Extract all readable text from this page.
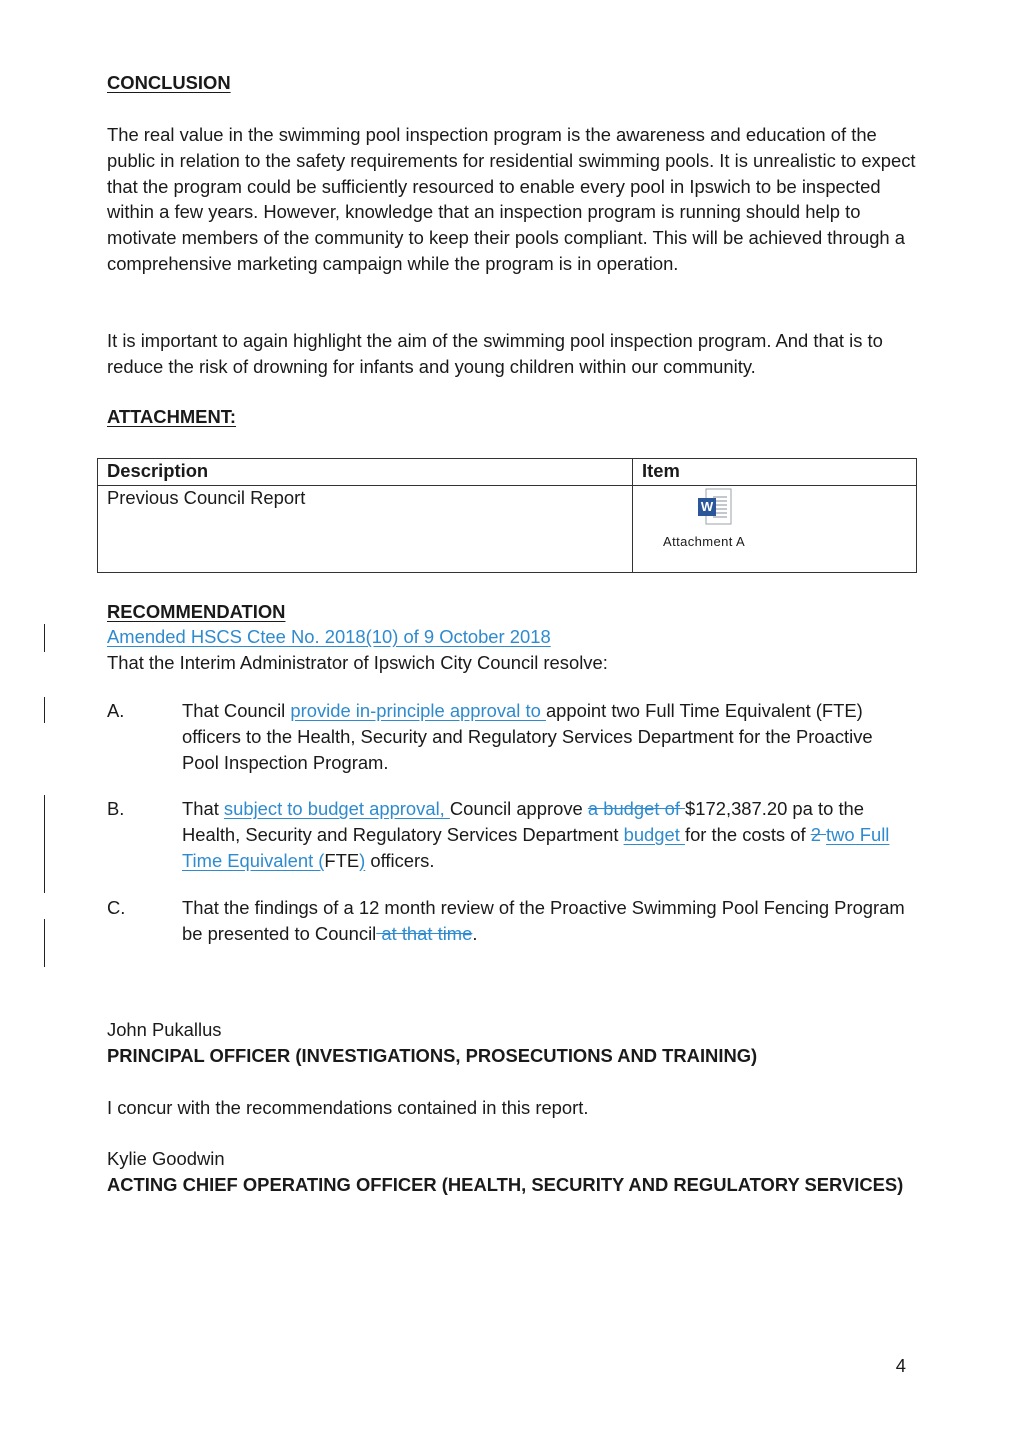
CONCLUSION
The real value in the swimming pool inspection program is the awareness and education of the public in relation to the safety requirements for residential swimming pools. It is unrealistic to expect that the program could be sufficiently resourced to enable every pool in Ipswich to be inspected within a few years. However, knowledge that an inspection program is running should help to motivate members of the community to keep their pools compliant. This will be achieved through a comprehensive marketing campaign while the program is in operation.
It is important to again highlight the aim of the swimming pool inspection program. And that is to reduce the risk of drowning for infants and young children within our community.
ATTACHMENT:
Description	Item
Previous Council Report	W
Attachment A
RECOMMENDATION
Amended HSCS Ctee No. 2018(10) of 9 October 2018
That the Interim Administrator of Ipswich City Council resolve:
A.	That Council provide in-principle approval to appoint two Full Time Equivalent (FTE) officers to the Health, Security and Regulatory Services Department for the Proactive Pool Inspection Program.
B.	That subject to budget approval, Council approve a budget of $172,387.20 pa to the Health, Security and Regulatory Services Department budget for the costs of 2 two Full Time Equivalent (FTE) officers.
C.	That the findings of a 12 month review of the Proactive Swimming Pool Fencing Program be presented to Council at that time.
John Pukallus
PRINCIPAL OFFICER (INVESTIGATIONS, PROSECUTIONS AND TRAINING)
I concur with the recommendations contained in this report.
Kylie Goodwin
ACTING CHIEF OPERATING OFFICER (HEALTH, SECURITY AND REGULATORY SERVICES)
4
